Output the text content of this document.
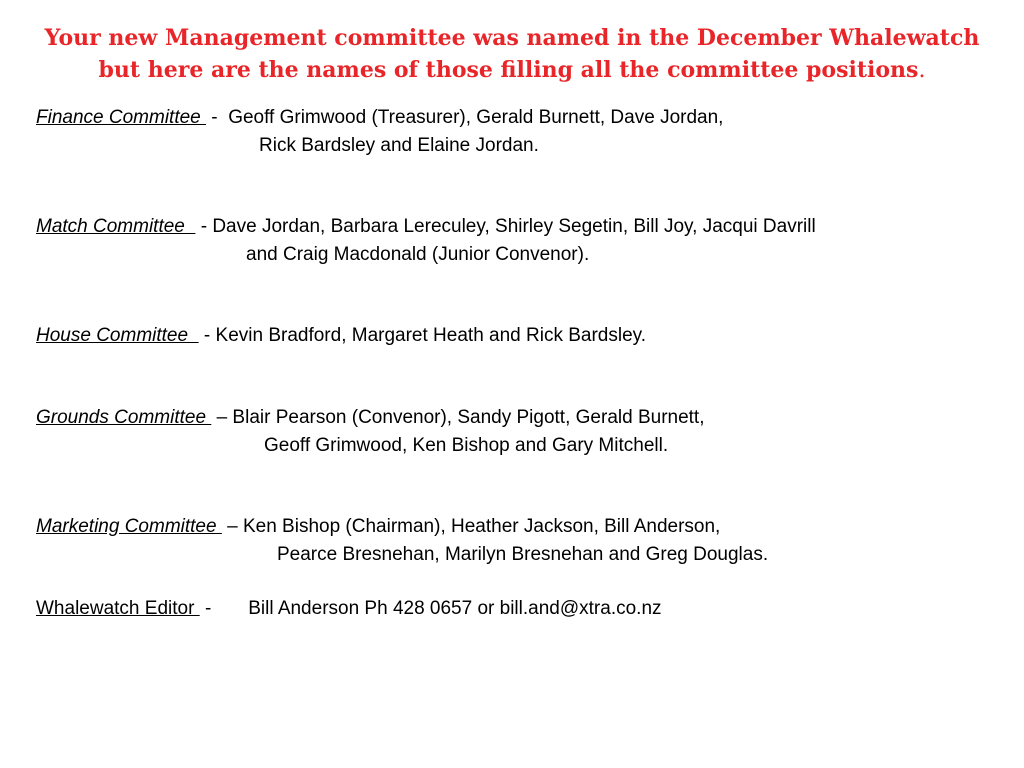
Your new Management committee was named in the December Whalewatch
but here are the names of those filling all the committee positions.
Finance Committee  -  Geoff Grimwood (Treasurer), Gerald Burnett, Dave Jordan,
Rick Bardsley and Elaine Jordan.
Match Committee   - Dave Jordan, Barbara Lereculey, Shirley Segetin, Bill Joy, Jacqui Davrill
and Craig Macdonald (Junior Convenor).
House Committee   - Kevin Bradford, Margaret Heath and Rick Bardsley.
Grounds Committee  – Blair Pearson (Convenor), Sandy Pigott, Gerald Burnett,
Geoff Grimwood, Ken Bishop and Gary Mitchell.
Marketing Committee  – Ken Bishop (Chairman), Heather Jackson, Bill Anderson,
Pearce Bresnehan, Marilyn Bresnehan and Greg Douglas.
Whalewatch Editor  -       Bill Anderson Ph 428 0657 or bill.and@xtra.co.nz
